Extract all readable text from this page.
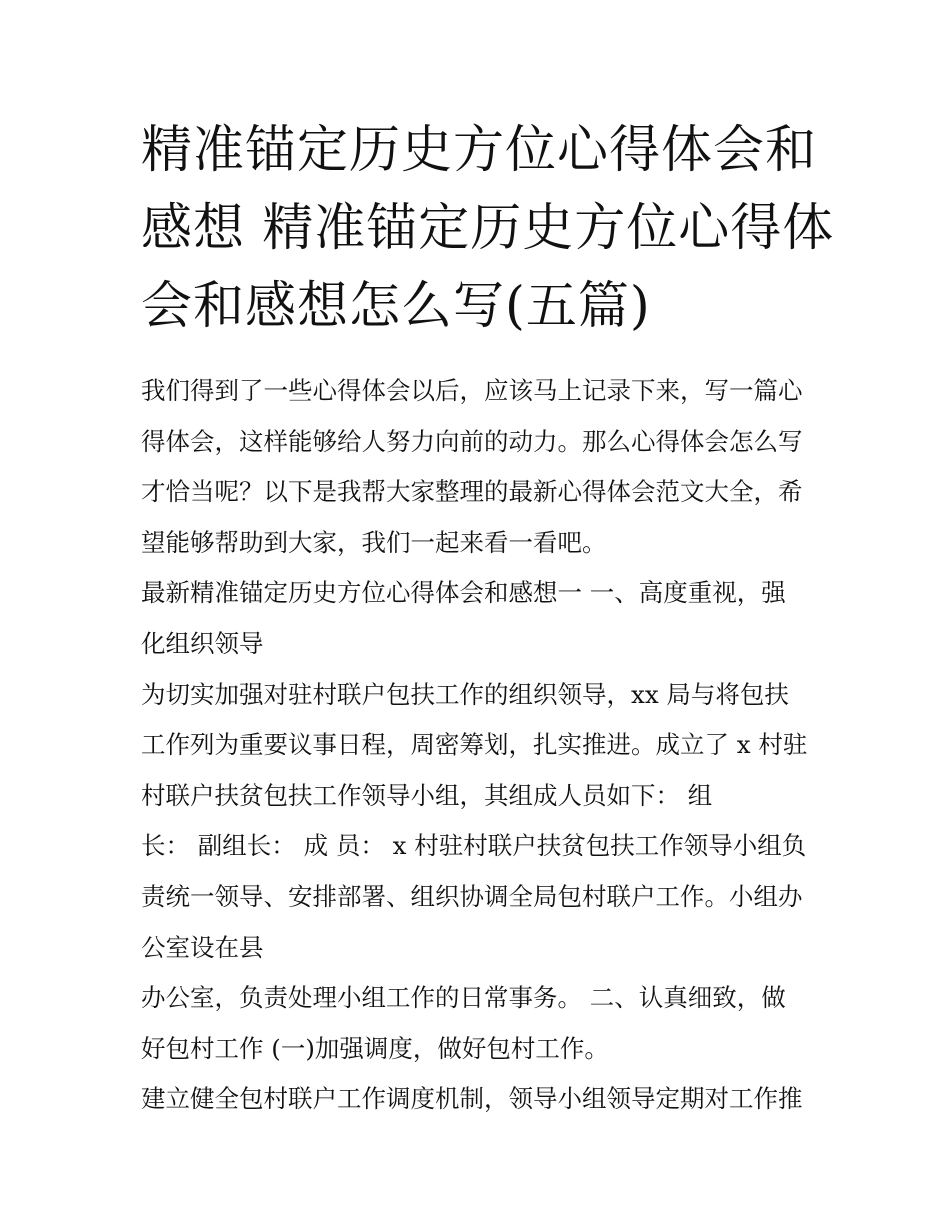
精准锚定历史方位心得体会和
感想 精准锚定历史方位心得体
会和感想怎么写(五篇)

我们得到了一些心得体会以后，应该马上记录下来，写一篇心
得体会，这样能够给人努力向前的动力。那么心得体会怎么写
才恰当呢？以下是我帮大家整理的最新心得体会范文大全，希
望能够帮助到大家，我们一起来看一看吧。

最新精准锚定历史方位心得体会和感想一 一、高度重视，强
化组织领导

为切实加强对驻村联户包扶工作的组织领导，xx 局与将包扶
工作列为重要议事日程，周密筹划，扎实推进。成立了 x 村驻
村联户扶贫包扶工作领导小组，其组成人员如下： 组
长： 副组长： 成 员： x 村驻村联户扶贫包扶工作领导小组负
责统一领导、安排部署、组织协调全局包村联户工作。小组办
公室设在县

办公室，负责处理小组工作的日常事务。 二、认真细致，做
好包村工作 (一)加强调度，做好包村工作。

建立健全包村联户工作调度机制，领导小组领导定期对工作推
